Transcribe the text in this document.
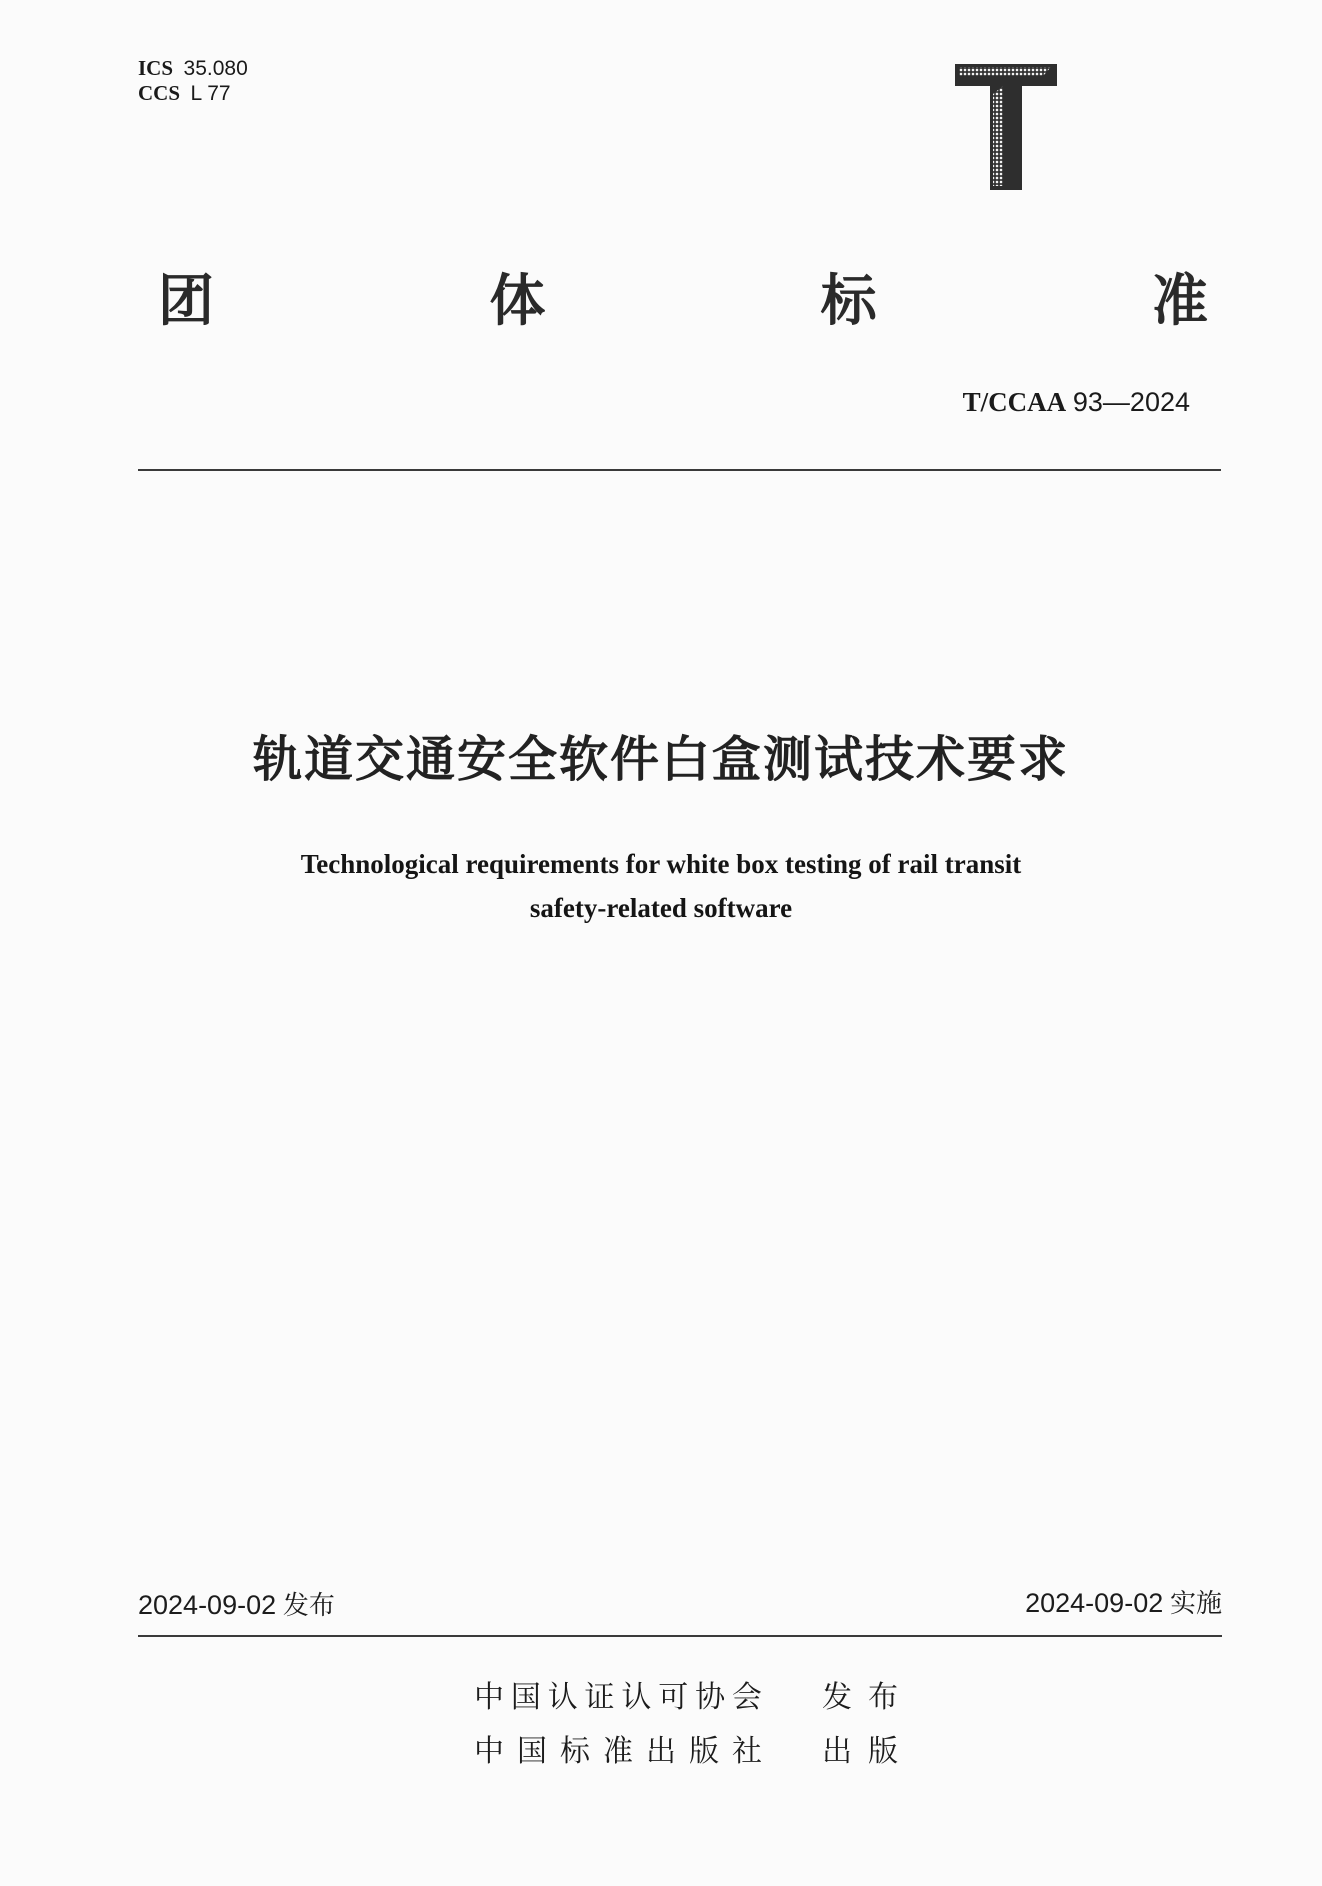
ICS 35.080
CCS L 77
团	体	标	准
T/CCAA 93—2024
轨道交通安全软件白盒测试技术要求
Technological requirements for white box testing of rail transit
safety-related software
2024-09-02 发布	2024-09-02 实施
中 国 认 证 认 可 协 会 发 布
中 国 标 准 出 版 社 出 版
